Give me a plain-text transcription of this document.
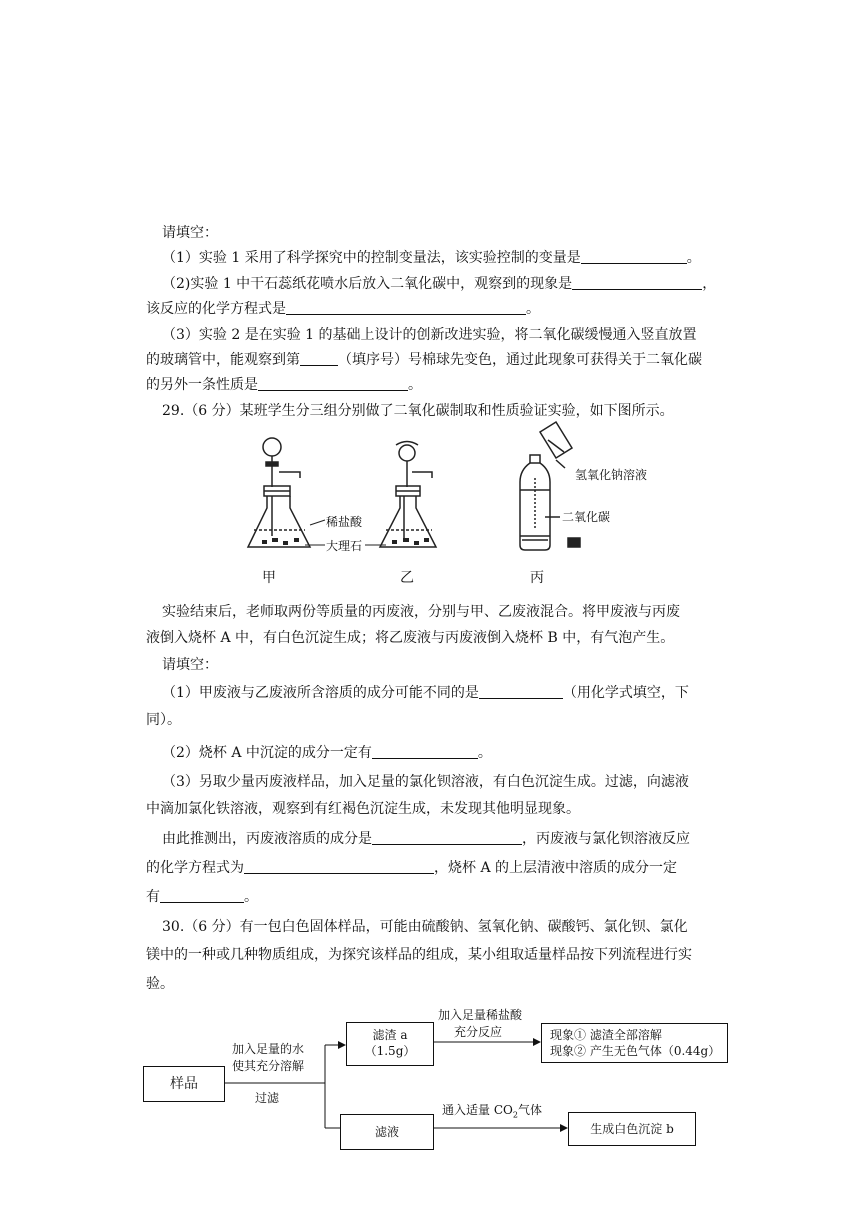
请填空：
（1）实验 1 采用了科学探究中的控制变量法，该实验控制的变量是	。
（2)实验 1 中干石蕊纸花喷水后放入二氧化碳中，观察到的现象是	，
该反应的化学方程式是	。
（3）实验 2 是在实验 1 的基础上设计的创新改进实验，将二氧化碳缓慢通入竖直放置
的玻璃管中，能观察到第	（填序号）号棉球先变色，通过此现象可获得关于二氧化碳
的另外一条性质是	。
29.（6 分）某班学生分三组分别做了二氧化碳制取和性质验证实验，如下图所示。
氢氧化钠溶液
稀盐酸
大理石
二氧化碳
甲	乙	丙
实验结束后，老师取两份等质量的丙废液，分别与甲、乙废液混合。将甲废液与丙废
液倒入烧杯 A 中，有白色沉淀生成；将乙废液与丙废液倒入烧杯 B 中，有气泡产生。
请填空：
（1）甲废液与乙废液所含溶质的成分可能不同的是	（用化学式填空，下
同）。
（2）烧杯 A 中沉淀的成分一定有	。
（3）另取少量丙废液样品，加入足量的氯化钡溶液，有白色沉淀生成。过滤，向滤液
中滴加氯化铁溶液，观察到有红褐色沉淀生成，未发现其他明显现象。
由此推测出，丙废液溶质的成分是	，丙废液与氯化钡溶液反应
的化学方程式为	，烧杯 A 的上层清液中溶质的成分一定
有	。
30.（6 分）有一包白色固体样品，可能由硫酸钠、氢氧化钠、碳酸钙、氯化钡、氯化
镁中的一种或几种物质组成，为探究该样品的组成，某小组取适量样品按下列流程进行实
验。
样品
加入足量的水
使其充分溶解
过滤
滤渣 a
（1.5g）
加入足量稀盐酸
充分反应	现象① 滤渣全部溶解
现象② 产生无色气体（0.44g）
滤液
通入适量 $CO_2$气体
生成白色沉淀 b
